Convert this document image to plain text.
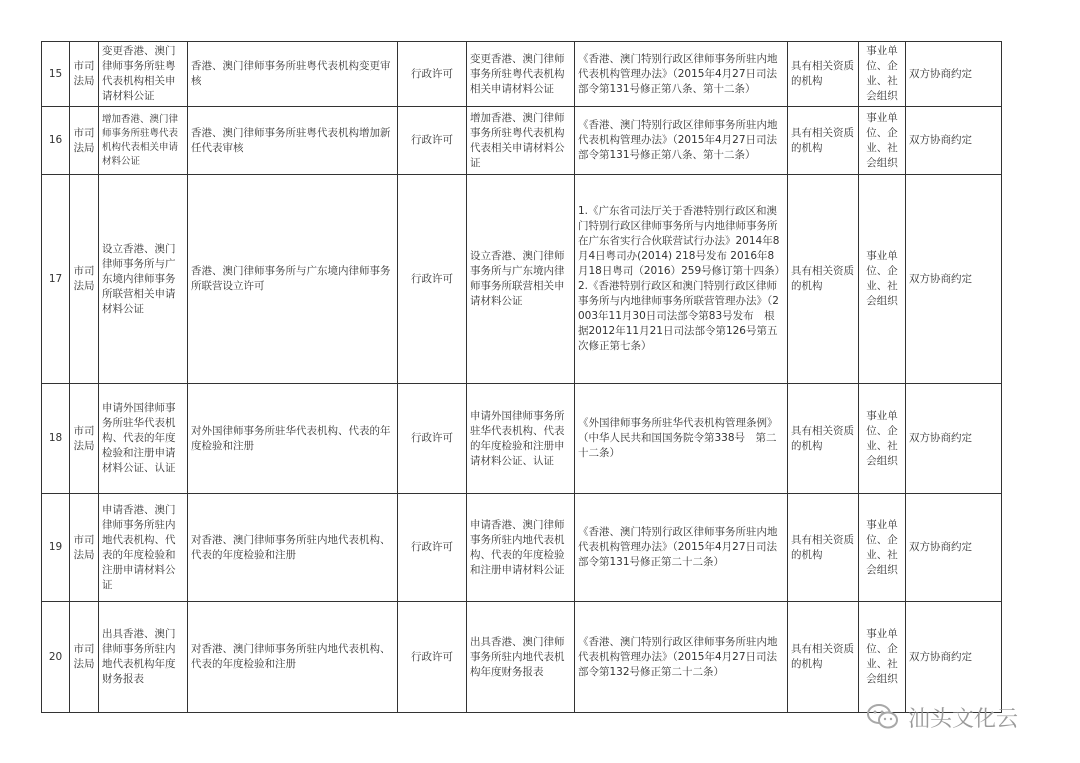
15	市司法局	变更香港、澳门律师事务所驻粤代表机构相关申请材料公证	香港、澳门律师事务所驻粤代表机构变更审核	行政许可	变更香港、澳门律师事务所驻粤代表机构相关申请材料公证	《香港、澳门特别行政区律师事务所驻内地代表机构管理办法》（2015年4月27日司法部令第131号修正第八条、第十二条）	具有相关资质的机构	事业单位、企业、社会组织	双方协商约定
16	市司法局	增加香港、澳门律师事务所驻粤代表机构代表相关申请材料公证	香港、澳门律师事务所驻粤代表机构增加新任代表审核	行政许可	增加香港、澳门律师事务所驻粤代表机构代表相关申请材料公证	《香港、澳门特别行政区律师事务所驻内地代表机构管理办法》（2015年4月27日司法部令第131号修正第八条、第十二条）	具有相关资质的机构	事业单位、企业、社会组织	双方协商约定
17	市司法局	设立香港、澳门律师事务所与广东境内律师事务所联营相关申请材料公证	香港、澳门律师事务所与广东境内律师事务所联营设立许可	行政许可	设立香港、澳门律师事务所与广东境内律师事务所联营相关申请材料公证	1.《广东省司法厅关于香港特别行政区和澳门特别行政区律师事务所与内地律师事务所在广东省实行合伙联营试行办法》2014年8月4日粤司办(2014) 218号发布 2016年8月18日粤司（2016）259号修订第十四条）2.《香港特别行政区和澳门特别行政区律师事务所与内地律师事务所联营管理办法》（2003年11月30日司法部令第83号发布　根据2012年11月21日司法部令第126号第五次修正第七条）	具有相关资质的机构	事业单位、企业、社会组织	双方协商约定
18	市司法局	申请外国律师事务所驻华代表机构、代表的年度检验和注册申请材料公证、认证	对外国律师事务所驻华代表机构、代表的年度检验和注册	行政许可	申请外国律师事务所驻华代表机构、代表的年度检验和注册申请材料公证、认证	《外国律师事务所驻华代表机构管理条例》（中华人民共和国国务院令第338号　第二十二条）	具有相关资质的机构	事业单位、企业、社会组织	双方协商约定
19	市司法局	申请香港、澳门律师事务所驻内地代表机构、代表的年度检验和注册申请材料公证	对香港、澳门律师事务所驻内地代表机构、代表的年度检验和注册	行政许可	申请香港、澳门律师事务所驻内地代表机构、代表的年度检验和注册申请材料公证	《香港、澳门特别行政区律师事务所驻内地代表机构管理办法》（2015年4月27日司法部令第131号修正第二十二条）	具有相关资质的机构	事业单位、企业、社会组织	双方协商约定
20	市司法局	出具香港、澳门律师事务所驻内地代表机构年度财务报表	对香港、澳门律师事务所驻内地代表机构、代表的年度检验和注册	行政许可	出具香港、澳门律师事务所驻内地代表机构年度财务报表	《香港、澳门特别行政区律师事务所驻内地代表机构管理办法》（2015年4月27日司法部令第132号修正第二十二条）	具有相关资质的机构	事业单位、企业、社会组织	双方协商约定
汕头文化云
